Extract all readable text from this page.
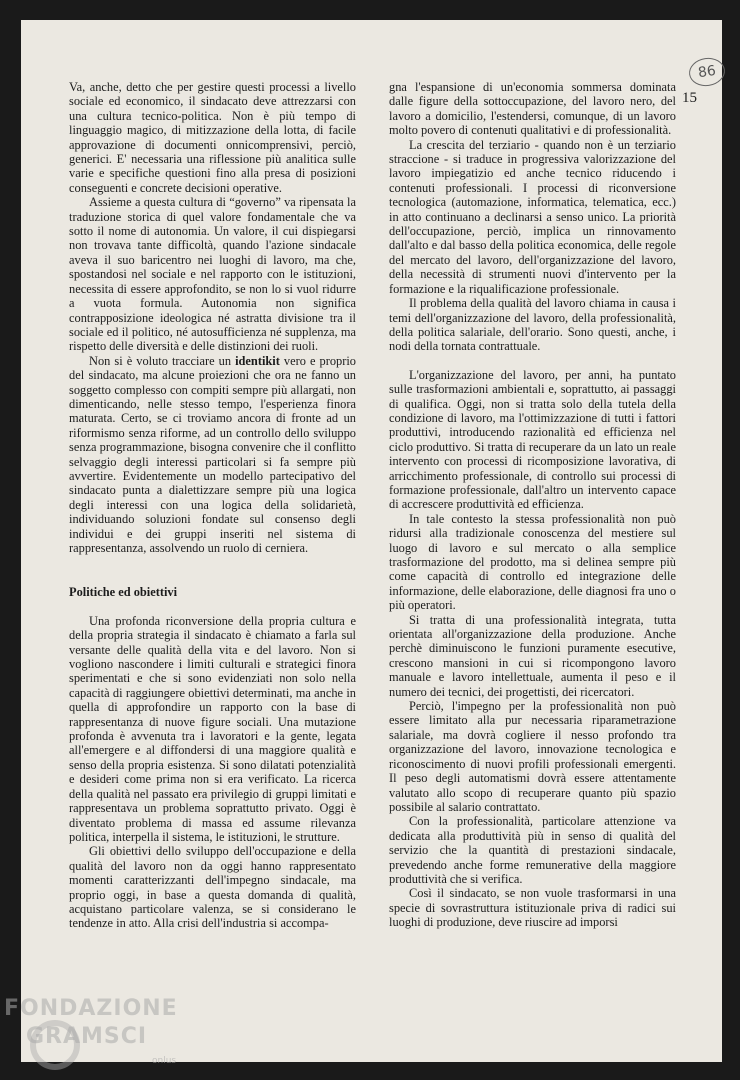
86
15

Va, anche, detto che per gestire questi processi a livello sociale ed economico, il sindacato deve attrezzarsi con una cultura tecnico-politica. Non è più tempo di linguaggio magico, di mitizzazione della lotta, di facile approvazione di documenti onnicomprensivi, perciò, generici. E' necessaria una riflessione più analitica sulle varie e specifiche questioni fino alla presa di posizioni conseguenti e concrete decisioni operative.

Assieme a questa cultura di “governo” va ripensata la traduzione storica di quel valore fondamentale che va sotto il nome di autonomia. Un valore, il cui dispiegarsi non trovava tante difficoltà, quando l'azione sindacale aveva il suo baricentro nei luoghi di lavoro, ma che, spostandosi nel sociale e nel rapporto con le istituzioni, necessita di essere approfondito, se non lo si vuol ridurre a vuota formula. Autonomia non significa contrapposizione ideologica né astratta divisione tra il sociale ed il politico, né autosufficienza né supplenza, ma rispetto delle diversità e delle distinzioni dei ruoli.

Non si è voluto tracciare un identikit vero e proprio del sindacato, ma alcune proiezioni che ora ne fanno un soggetto complesso con compiti sempre più allargati, non dimenticando, nelle stesso tempo, l'esperienza finora maturata. Certo, se ci troviamo ancora di fronte ad un riformismo senza riforme, ad un controllo dello sviluppo senza programmazione, bisogna convenire che il conflitto selvaggio degli interessi particolari si fa sempre più avvertire. Evidentemente un modello partecipativo del sindacato punta a dialettizzare sempre più una logica degli interessi con una logica della solidarietà, individuando soluzioni fondate sul consenso degli individui e dei gruppi inseriti nel sistema di rappresentanza, assolvendo un ruolo di cerniera.

Politiche ed obiettivi

Una profonda riconversione della propria cultura e della propria strategia il sindacato è chiamato a farla sul versante delle qualità della vita e del lavoro. Non si vogliono nascondere i limiti culturali e strategici finora sperimentati e che si sono evidenziati non solo nella capacità di raggiungere obiettivi determinati, ma anche in quella di approfondire un rapporto con la base di rappresentanza di nuove figure sociali. Una mutazione profonda è avvenuta tra i lavoratori e la gente, legata all'emergere e al diffondersi di una maggiore qualità e senso della propria esistenza. Si sono dilatati potenzialità e desideri come prima non si era verificato. La ricerca della qualità nel passato era privilegio di gruppi limitati e rappresentava un problema soprattutto privato. Oggi è diventato problema di massa ed assume rilevanza politica, interpella il sistema, le istituzioni, le strutture.

Gli obiettivi dello sviluppo dell'occupazione e della qualità del lavoro non da oggi hanno rappresentato momenti caratterizzanti dell'impegno sindacale, ma proprio oggi, in base a questa domanda di qualità, acquistano particolare valenza, se si considerano le tendenze in atto. Alla crisi dell'industria si accompa-

gna l'espansione di un'economia sommersa dominata dalle figure della sottoccupazione, del lavoro nero, del lavoro a domicilio, l'estendersi, comunque, di un lavoro molto povero di contenuti qualitativi e di professionalità.

La crescita del terziario - quando non è un terziario straccione - si traduce in progressiva valorizzazione del lavoro impiegatizio ed anche tecnico riducendo i contenuti professionali. I processi di riconversione tecnologica (automazione, informatica, telematica, ecc.) in atto continuano a declinarsi a senso unico. La priorità dell'occupazione, perciò, implica un rinnovamento dall'alto e dal basso della politica economica, delle regole del mercato del lavoro, dell'organizzazione del lavoro, della necessità di strumenti nuovi d'intervento per la formazione e la riqualificazione professionale.

Il problema della qualità del lavoro chiama in causa i temi dell'organizzazione del lavoro, della professionalità, della politica salariale, dell'orario. Sono questi, anche, i nodi della tornata contrattuale.

L'organizzazione del lavoro, per anni, ha puntato sulle trasformazioni ambientali e, soprattutto, ai passaggi di qualifica. Oggi, non si tratta solo della tutela della condizione di lavoro, ma l'ottimizzazione di tutti i fattori produttivi, introducendo razionalità ed efficienza nel ciclo produttivo. Si tratta di recuperare da un lato un reale intervento con processi di ricomposizione lavorativa, di arricchimento professionale, di controllo sui processi di formazione professionale, dall'altro un intervento capace di accrescere produttività ed efficienza.

In tale contesto la stessa professionalità non può ridursi alla tradizionale conoscenza del mestiere sul luogo di lavoro e sul mercato o alla semplice trasformazione del prodotto, ma si delinea sempre più come capacità di controllo ed integrazione delle informazione, delle elaborazione, delle diagnosi fra uno o più operatori.

Si tratta di una professionalità integrata, tutta orientata all'organizzazione della produzione. Anche perchè diminuiscono le funzioni puramente esecutive, crescono mansioni in cui si ricompongono lavoro manuale e lavoro intellettuale, aumenta il peso e il numero dei tecnici, dei progettisti, dei ricercatori.

Perciò, l'impegno per la professionalità non può essere limitato alla pur necessaria riparametrazione salariale, ma dovrà cogliere il nesso profondo tra organizzazione del lavoro, innovazione tecnologica e riconoscimento di nuovi profili professionali emergenti. Il peso degli automatismi dovrà essere attentamente valutato allo scopo di recuperare quanto più spazio possibile al salario contrattato.

Con la professionalità, particolare attenzione va dedicata alla produttività più in senso di qualità del servizio che la quantità di prestazioni sindacale, prevedendo anche forme remunerative della maggiore produttività che si verifica.

Così il sindacato, se non vuole trasformarsi in una specie di sovrastruttura istituzionale priva di radici sui luoghi di produzione, deve riuscire ad imporsi

FONDAZIONE
GRAMSCI
onlus
